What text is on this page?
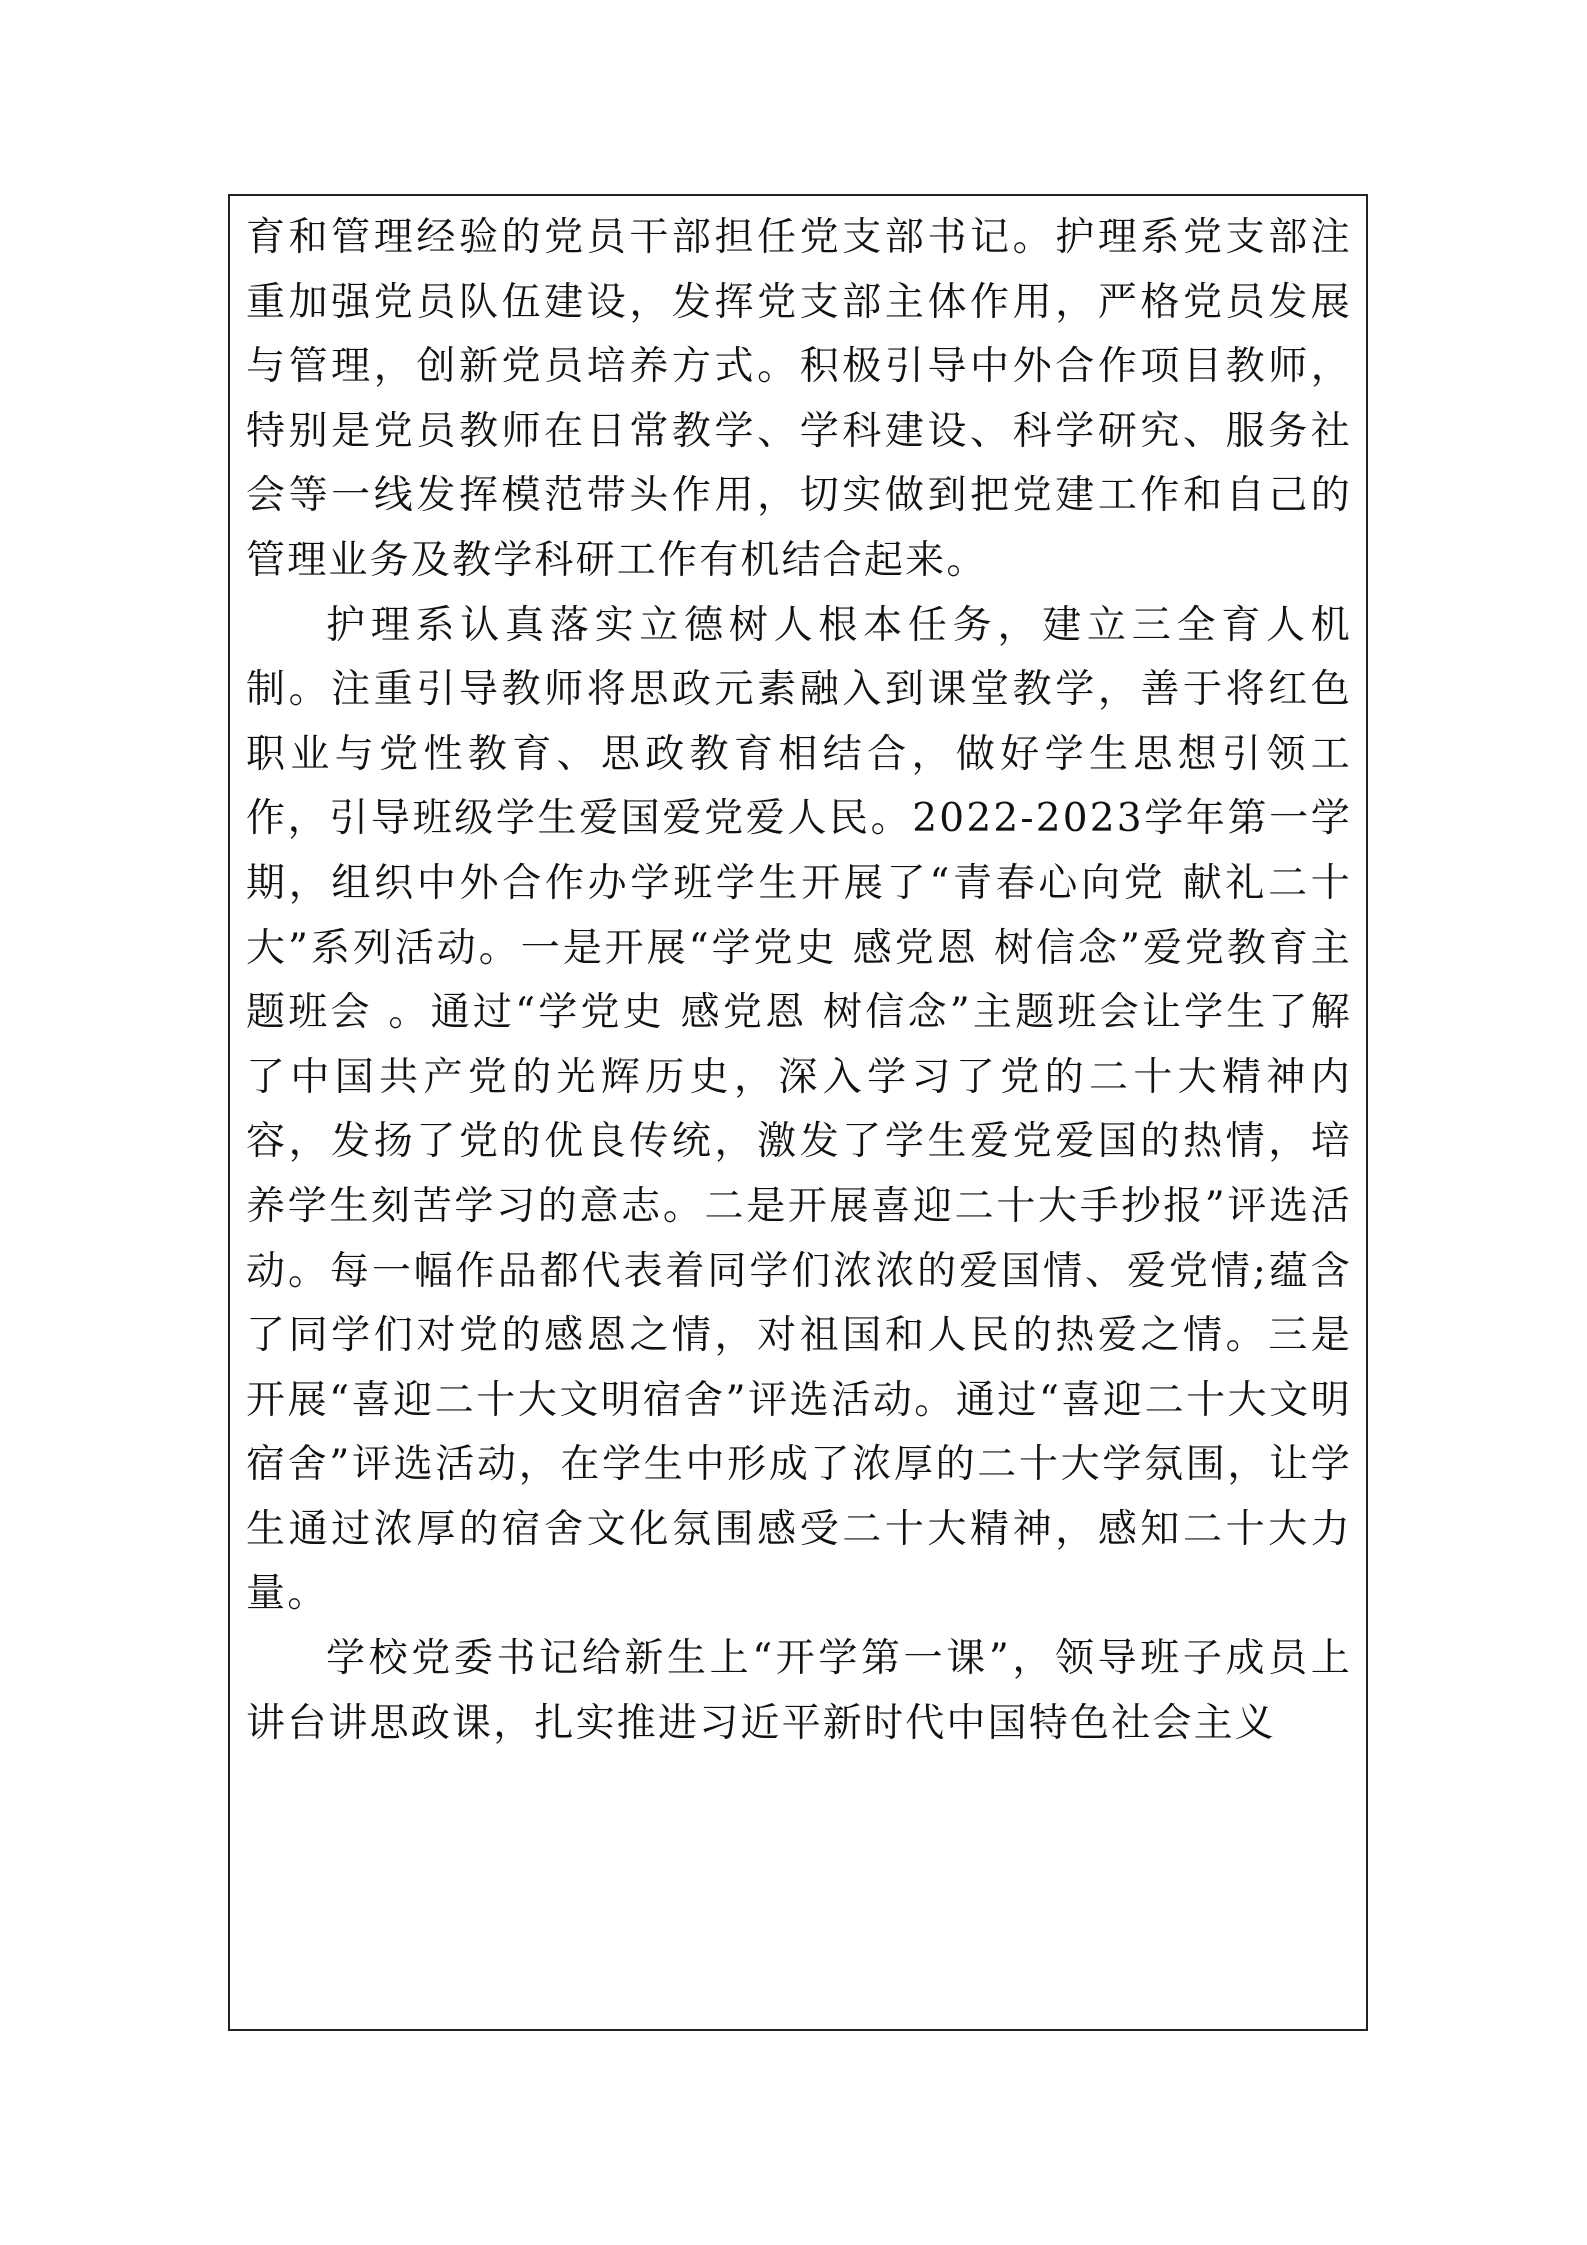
育和管理经验的党员干部担任党支部书记。护理系党支部注重加强党员队伍建设，发挥党支部主体作用，严格党员发展与管理，创新党员培养方式。积极引导中外合作项目教师，特别是党员教师在日常教学、学科建设、科学研究、服务社会等一线发挥模范带头作用，切实做到把党建工作和自己的管理业务及教学科研工作有机结合起来。

护理系认真落实立德树人根本任务，建立三全育人机制。注重引导教师将思政元素融入到课堂教学，善于将红色职业与党性教育、思政教育相结合，做好学生思想引领工作，引导班级学生爱国爱党爱人民。2022-2023学年第一学期，组织中外合作办学班学生开展了“青春心向党 献礼二十大”系列活动。一是开展“学党史 感党恩 树信念”爱党教育主题班会 。通过“学党史 感党恩 树信念”主题班会让学生了解了中国共产党的光辉历史，深入学习了党的二十大精神内容，发扬了党的优良传统，激发了学生爱党爱国的热情，培养学生刻苦学习的意志。二是开展喜迎二十大手抄报”评选活动。每一幅作品都代表着同学们浓浓的爱国情、爱党情;蕴含了同学们对党的感恩之情，对祖国和人民的热爱之情。三是开展“喜迎二十大文明宿舍”评选活动。通过“喜迎二十大文明宿舍”评选活动，在学生中形成了浓厚的二十大学氛围，让学生通过浓厚的宿舍文化氛围感受二十大精神，感知二十大力量。

学校党委书记给新生上“开学第一课”，领导班子成员上讲台讲思政课，扎实推进习近平新时代中国特色社会主义
